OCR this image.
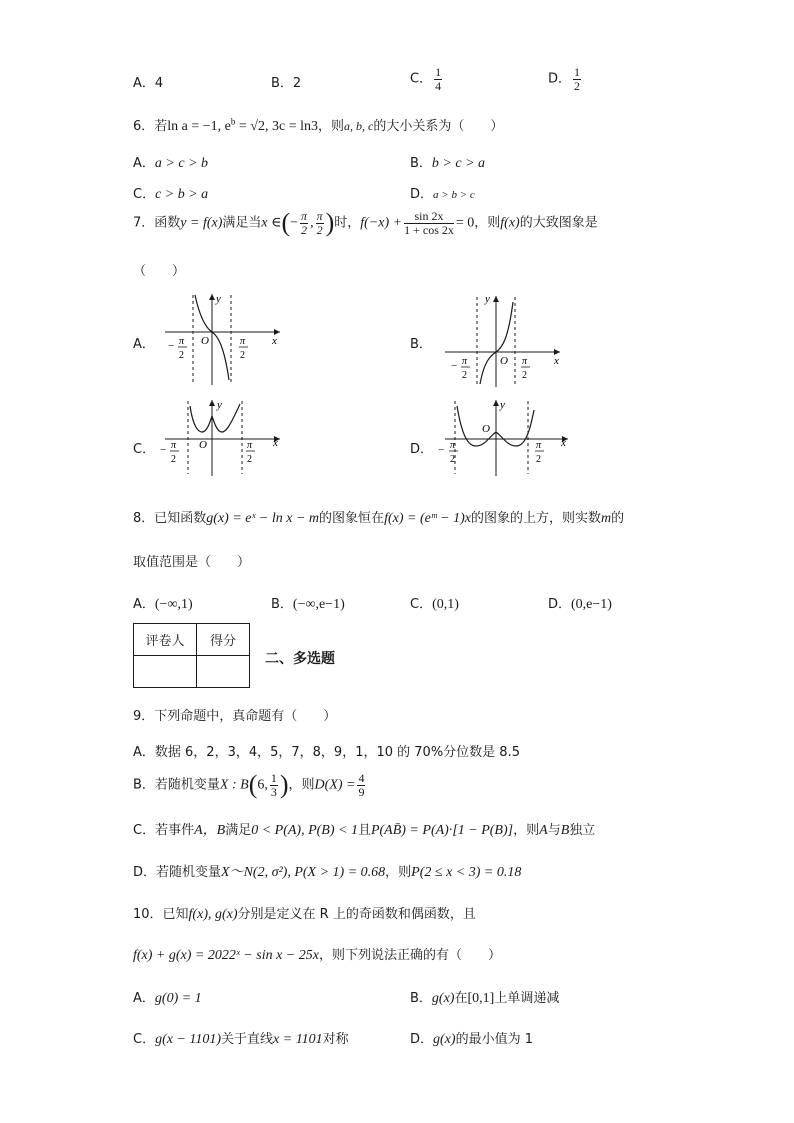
A．4	B．2	C． $\frac{1}{4}$	D． $\frac{1}{2}$
6．若ln a = −1, $e^b = √2$, 3c = ln3，则a, b, c的大小关系为（　　）
A．a > c > b	B．b > c > a
C．c > b > a	D．a > b > c
7．函数y = f(x)满足当x ∈(− $\frac{\pi}{2}$ , $\frac{\pi}{2}$ )时，$f(-x) + \frac{\sin 2x}{1 + \cos 2x} = 0$，则f(x)的大致图象是
（　　）
A．	B．
C．	D．
x
y
O
− π
2
π
2	x
y
O
− π
2
π
2
x
y
O
− π
2
π
2
x
y
O
− π
2
π
2
8．已知函数g(x) = eˣ − ln x − m的图象恒在f(x) = (eᵐ − 1)x的图象的上方，则实数m的
取值范围是（　　）
A．(−∞,1)	B．(−∞,e−1)	C．(0,1)	D．(0,e−1)
评卷人	得分

二、多选题
9．下列命题中，真命题有（　　）
A．数据 6，2，3，4，5，7，8，9，1，10 的 70%分位数是 8.5
B．若随机变量X : B(6, $\frac{1}{3}$ )，则$D(X) = \frac{4}{9}$
C．若事件A，B满足0 < P(A), P(B) < 1且P(AB̄) = P(A)·[1 − P(B)]，则A与B独立
D．若随机变量X～N(2, σ²), P(X > 1) = 0.68，则P(2 ≤ x < 3) = 0.18
10．已知f(x), g(x)分别是定义在 R 上的奇函数和偶函数，且
f(x) + g(x) = 2022ˣ − sin x − 25x，则下列说法正确的有（　　）
A．g(0) = 1	B．g(x)在[0,1]上单调递减
C．g(x − 1101)关于直线x = 1101对称	D．g(x)的最小值为 1
